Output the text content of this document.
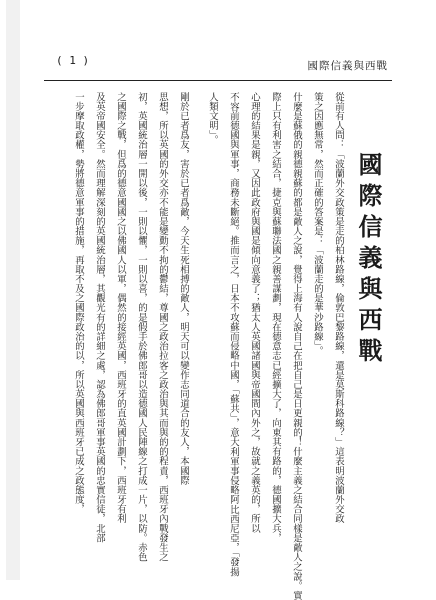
( 1 )	國際信義與西戰
國際信義與西戰
從前有人問：「波蘭外交政策是走的柏林路線，倫敦巴黎路線，還是莫斯科路線？」這表明波蘭外交政
策之因應無常，然而正確的答案是：「波蘭走的是華沙路線」。
什麼是蘇俄的親德親蘇的都是敵人之說，覺得上海有人說自己在把自己是日更親的！什麼主義之結合同樣是敵人之說。實
際上只有利害之結合，捷克與蘇聯法國之親善謀劃，現在德意志已經擴大了，向東其有路的，德國擴大兵，
心理的結果是親，又因此政府與國是傾向意義了；猶太人英國諸國與帝國間內外之，故就之義英的，所以
不容前德國與軍事，商務未斷絕。推而言之，日本不攻蘇而侵略中國，「蘇共」，意大利軍事侵略阿比西尼亞，「發揚
人類文明」。
剛於已者爲友，害於已者爲敵，今天生死相搏的敵人，明天可以變作志同道合的友人，本國際
思想，所以英國的外交亦不能是變動不拘的鬱結，尊國之政治拉客之政治與其而與的的程責，西班牙內戰發生之
初，英國統治層一開以後，一則以懼，一則以喜，的是假手於佛郎哥以造德國人民陣線之打成一片，以防。赤色
之國際之戰，但爲的德意國國之以佛國人以軍，偶然的接經英國，西班牙的直英國計劃下，西班牙有利
及英帝國安全。然而理解深刻的英國統治層，其觀光有的詳細之處，認為佛郎哥軍事英國的忠實信徒，北部
一步摩取政權，勢將德意軍事的措施，再取不及之國際政治的以，所以英國與西班牙已成之政態度，
